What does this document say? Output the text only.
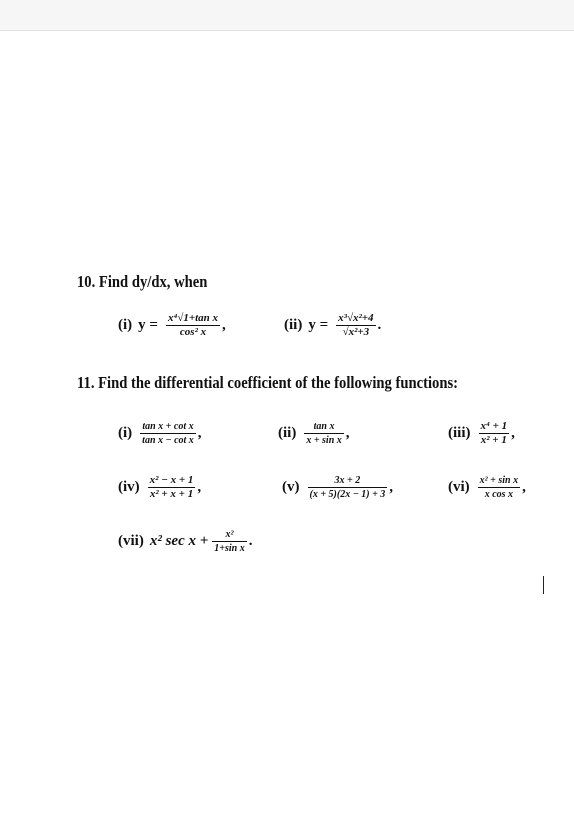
10. Find dy/dx, when
(i) $y = \frac{\text{x⁴√1+tan x}}{\text{cos² x}}$ ,	(ii) $y = \frac{\text{x³√x²+4}}{\text{√x²+3}}$ .
11. Find the differential coefficient of the following functions:
$(i) \frac{\text{tan x + cot x}}{\text{tan x − cot x}}$ ,	$(ii) \frac{\text{tan x}}{\text{x + sin x}}$ ,	$(iii) \frac{\text{x⁴ + 1}}{\text{x² + 1}}$ ,
$(iv) \frac{\text{x² − x + 1}}{\text{x² + x + 1}}$ ,	$(v) \frac{3x + 2}{(x + 5)(2x - 1) + 3}$ ,	$(vi) \frac{\text{x² + sin x}}{\text{x cos x}}$ ,
(vii) x² $\sec x + \frac{\text{x²}}{\text{1+sin x}}$ .
